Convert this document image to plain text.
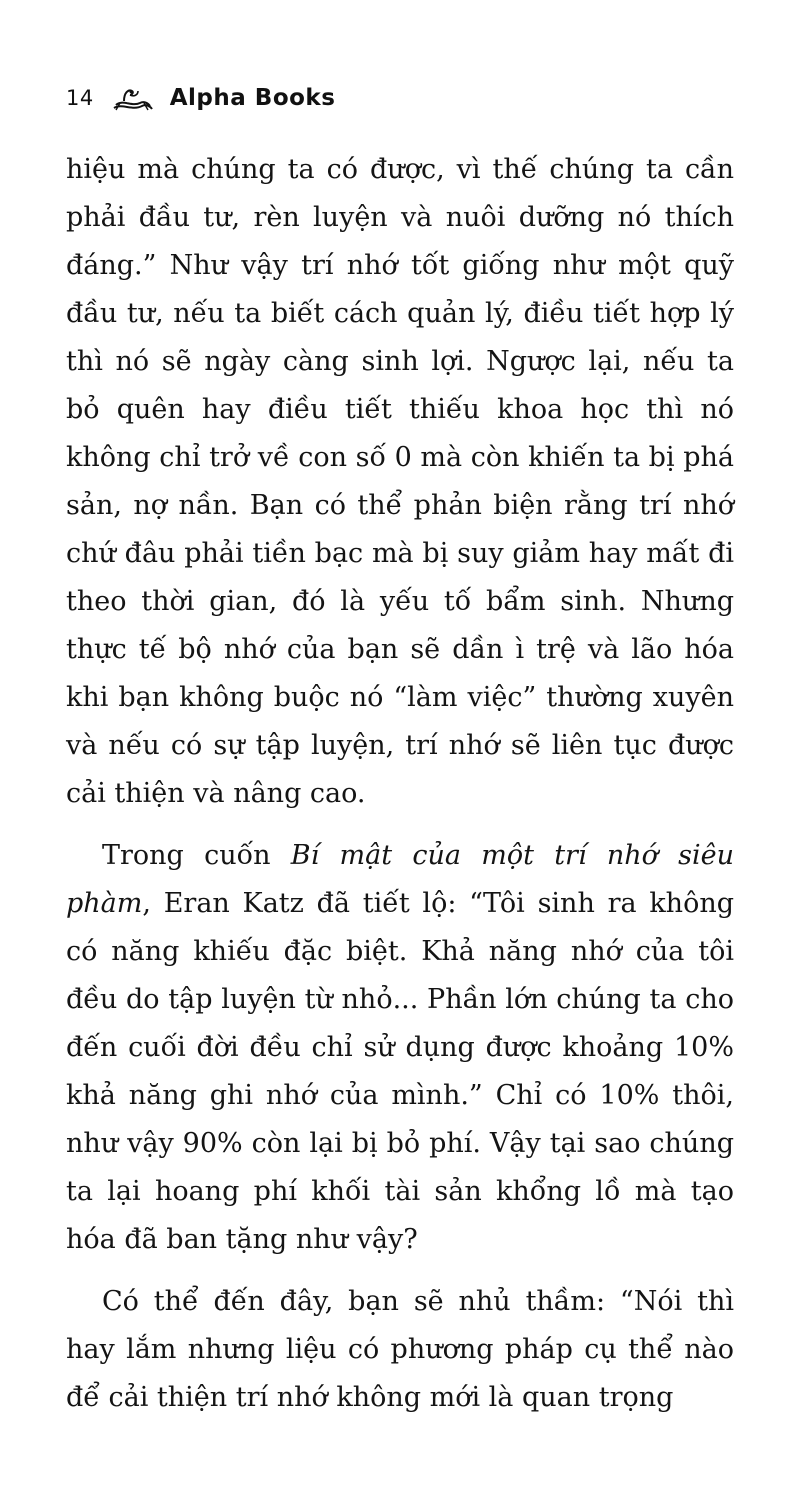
14	Alpha Books

hiệu mà chúng ta có được, vì thế chúng ta cần phải đầu tư, rèn luyện và nuôi dưỡng nó thích đáng.” Như vậy trí nhớ tốt giống như một quỹ đầu tư, nếu ta biết cách quản lý, điều tiết hợp lý thì nó sẽ ngày càng sinh lợi. Ngược lại, nếu ta bỏ quên hay điều tiết thiếu khoa học thì nó không chỉ trở về con số 0 mà còn khiến ta bị phá sản, nợ nần. Bạn có thể phản biện rằng trí nhớ chứ đâu phải tiền bạc mà bị suy giảm hay mất đi theo thời gian, đó là yếu tố bẩm sinh. Nhưng thực tế bộ nhớ của bạn sẽ dần ì trệ và lão hóa khi bạn không buộc nó “làm việc” thường xuyên và nếu có sự tập luyện, trí nhớ sẽ liên tục được cải thiện và nâng cao.

Trong cuốn Bí mật của một trí nhớ siêu phàm, Eran Katz đã tiết lộ: “Tôi sinh ra không có năng khiếu đặc biệt. Khả năng nhớ của tôi đều do tập luyện từ nhỏ... Phần lớn chúng ta cho đến cuối đời đều chỉ sử dụng được khoảng 10% khả năng ghi nhớ của mình.” Chỉ có 10% thôi, như vậy 90% còn lại bị bỏ phí. Vậy tại sao chúng ta lại hoang phí khối tài sản khổng lồ mà tạo hóa đã ban tặng như vậy?

Có thể đến đây, bạn sẽ nhủ thầm: “Nói thì hay lắm nhưng liệu có phương pháp cụ thể nào để cải thiện trí nhớ không mới là quan trọng
